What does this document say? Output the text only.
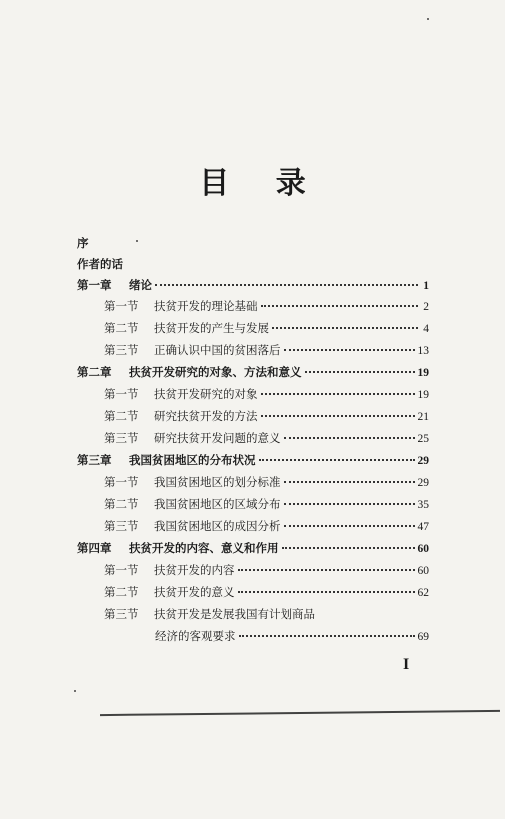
目 录
序
作者的话
第一章	绪论	1
第一节	扶贫开发的理论基础	2
第二节	扶贫开发的产生与发展	4
第三节	正确认识中国的贫困落后	13
第二章	扶贫开发研究的对象、方法和意义	19
第一节	扶贫开发研究的对象	19
第二节	研究扶贫开发的方法	21
第三节	研究扶贫开发问题的意义	25
第三章	我国贫困地区的分布状况	29
第一节	我国贫困地区的划分标准	29
第二节	我国贫困地区的区域分布	35
第三节	我国贫困地区的成因分析	47
第四章	扶贫开发的内容、意义和作用	60
第一节	扶贫开发的内容	60
第二节	扶贫开发的意义	62
第三节	扶贫开发是发展我国有计划商品
经济的客观要求	69
I
